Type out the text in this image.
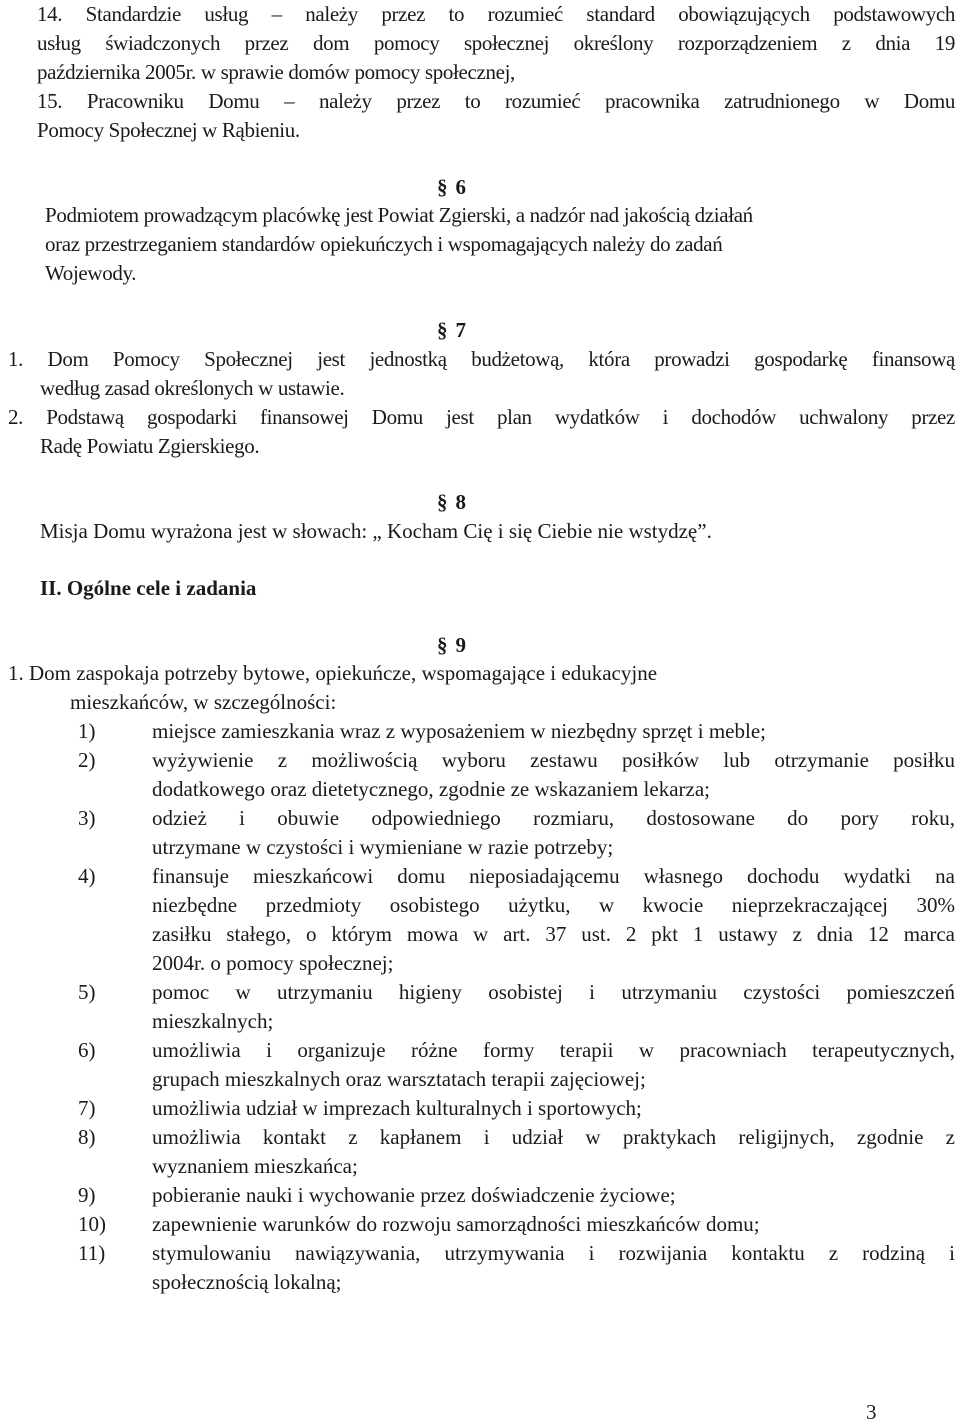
14. Standardzie usług – należy przez to rozumieć standard obowiązujących podstawowych
usług świadczonych przez dom pomocy społecznej określony rozporządzeniem z dnia 19
października 2005r. w sprawie domów pomocy społecznej,
15. Pracowniku Domu – należy przez to rozumieć pracownika zatrudnionego w Domu
Pomocy Społecznej w Rąbieniu.
§ 6
Podmiotem prowadzącym placówkę jest Powiat Zgierski, a nadzór nad jakością działań
oraz przestrzeganiem standardów opiekuńczych i wspomagających należy do zadań
Wojewody.
§ 7
1. Dom Pomocy Społecznej jest jednostką budżetową, która prowadzi gospodarkę finansową
według zasad określonych w ustawie.
2. Podstawą gospodarki finansowej Domu jest plan wydatków i dochodów uchwalony przez
Radę Powiatu Zgierskiego.
§ 8
Misja Domu wyrażona jest w słowach: „ Kocham Cię i się Ciebie nie wstydzę”.
II. Ogólne cele i zadania
§ 9
1. Dom zaspokaja potrzeby bytowe, opiekuńcze, wspomagające i edukacyjne
mieszkańców, w szczególności:
1)	miejsce zamieszkania wraz z wyposażeniem w niezbędny sprzęt i meble;
2)	wyżywienie z możliwością wyboru zestawu posiłków lub otrzymanie posiłku
dodatkowego oraz dietetycznego, zgodnie ze wskazaniem lekarza;
3)	odzież i obuwie odpowiedniego rozmiaru, dostosowane do pory roku,
utrzymane w czystości i wymieniane w razie potrzeby;
4)	finansuje mieszkańcowi domu nieposiadającemu własnego dochodu wydatki na
niezbędne przedmioty osobistego użytku, w kwocie nieprzekraczającej 30%
zasiłku stałego, o którym mowa w art. 37 ust. 2 pkt 1 ustawy z dnia 12 marca
2004r. o pomocy społecznej;
5)	pomoc w utrzymaniu higieny osobistej i utrzymaniu czystości pomieszczeń
mieszkalnych;
6)	umożliwia i organizuje różne formy terapii w pracowniach terapeutycznych,
grupach mieszkalnych oraz warsztatach terapii zajęciowej;
7)	umożliwia udział w imprezach kulturalnych i sportowych;
8)	umożliwia kontakt z kapłanem i udział w praktykach religijnych, zgodnie z
wyznaniem mieszkańca;
9)	pobieranie nauki i wychowanie przez doświadczenie życiowe;
10) zapewnienie warunków do rozwoju samorządności mieszkańców domu;
11) stymulowaniu nawiązywania, utrzymywania i rozwijania kontaktu z rodziną i
społecznością lokalną;
3
